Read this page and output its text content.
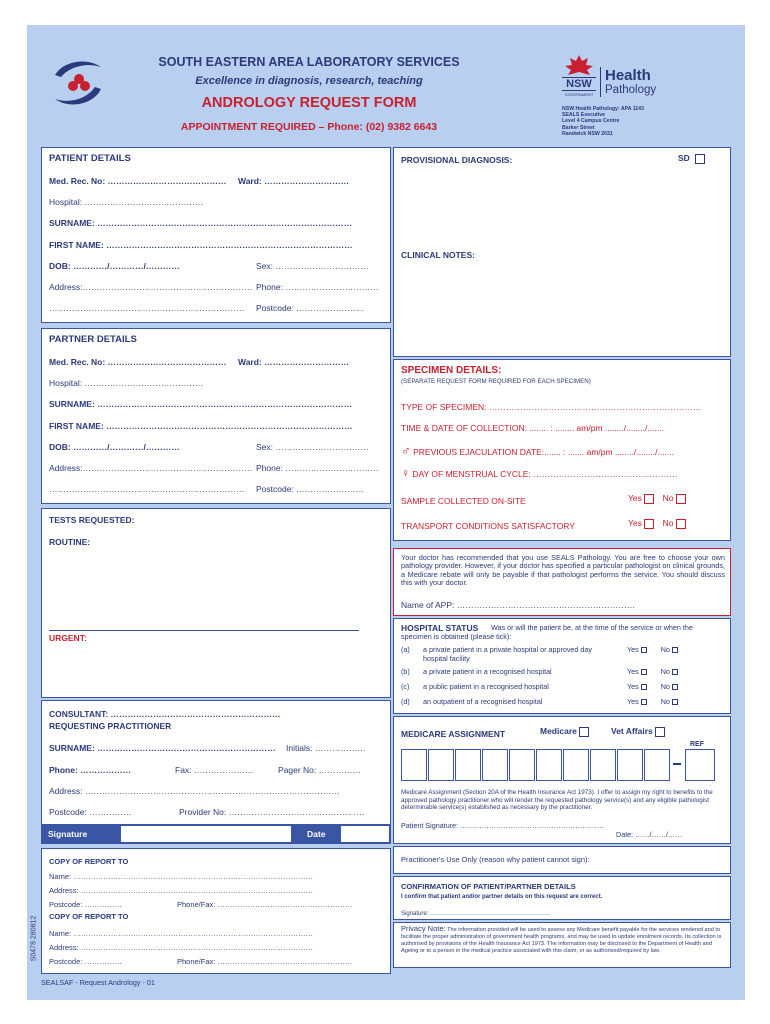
SOUTH EASTERN AREA LABORATORY SERVICES
Excellence in diagnosis, research, teaching
ANDROLOGY REQUEST FORM
APPOINTMENT REQUIRED – Phone: (02) 9382 6643
NSW
GOVERNMENT
Health
Pathology
NSW Health Pathology: APA 1143
SEALS Executive
Level 4 Campus Centre
Barker Street
Randwick NSW 2031
PATIENT DETAILS
Med. Rec. No: …………………………………… Ward: …………………………
Hospital: ……………………………………
SURNAME: ………………………………………………………………………………
FIRST NAME: ……………………………………………………………………………
DOB: …………/…………/…………	Sex: ……………………………
Address:…………………………………………………… Phone: ……………………………
…………………………………………………………… Postcode: ……………………
PROVISIONAL DIAGNOSIS:	SD
CLINICAL NOTES:
PARTNER DETAILS
Med. Rec. No: …………………………………… Ward: …………………………
Hospital: ……………………………………
SURNAME: ………………………………………………………………………………
FIRST NAME: ……………………………………………………………………………
DOB: …………/…………/…………	Sex: ……………………………
Address:…………………………………………………… Phone: ……………………………
…………………………………………………………… Postcode: ……………………
SPECIMEN DETAILS:
(SEPARATE REQUEST FORM REQUIRED FOR EACH SPECIMEN)
TYPE OF SPECIMEN: …………………………………………………………………
TIME & DATE OF COLLECTION: ........ : ........ am/pm ......../......../.......
♂ PREVIOUS EJACULATION DATE:....... : ....... am/pm ......../......../.......
♀ DAY OF MENSTRUAL CYCLE: ……………………………………………
SAMPLE COLLECTED ON-SITE	Yes No
TRANSPORT CONDITIONS SATISFACTORY	Yes No
TESTS REQUESTED:
ROUTINE:
URGENT:
Your doctor has recommended that you use SEALS Pathology. You are free to choose your own pathology provider. However, if your doctor has specified a particular pathologist on clinical grounds, a Medicare rebate will only be payable if that pathologist performs the service. You should discuss this with your doctor.
Name of APP: ………………………………………………………
HOSPITAL STATUS	Was or will the patient be, at the time of the service or when the specimen is obtained (please tick):
(a) a private patient in a private hospital or approved day hospital facility
Yes	No
(b) a private patient in a recognised hospital	Yes	No
(c) a public patient in a recognised hospital	Yes	No
(d) an outpatient of a recognised hospital	Yes	No
CONSULTANT: ……………………………………………………
REQUESTING PRACTITIONER
SURNAME: ……………………………………………………… Initials: ………………
Phone: ………………	Fax: …………………	Pager No: ……………
Address: ………………………………………………………………………………
Postcode: ……………	Provider No: …………………………………………
Signature	Date
MEDICARE ASSIGNMENT	Medicare	Vet Affairs
REF
Medicare Assignment (Section 20A of the Health Insurance Act 1973). I offer to assign my right to benefits to the approved pathology practitioner who will render the requested pathology service(s) and any eligible pathologist determinable service(s) established as necessary by the practitioner.
Patient Signature: ……………………………………………………
Date: ……/……/……
COPY OF REPORT TO
Name: ……………………………………………………………………………………
Address: …………………………………………………………………………………
Postcode: ……………	Phone/Fax: ………………………………………………
COPY OF REPORT TO
Name: ……………………………………………………………………………………
Address: …………………………………………………………………………………
Postcode: ……………	Phone/Fax: ………………………………………………
S0478 280812
Practitioner's Use Only (reason why patient cannot sign):
CONFIRMATION OF PATIENT/PARTNER DETAILS
I confirm that patient and/or partner details on this request are correct.
Signature: ……………………………………………………
Privacy Note: The information provided will be used to assess any Medicare benefit payable for the services rendered and to facilitate the proper administration of government health programs, and may be used to update enrolment records. Its collection is authorised by provisions of the Health Insurance Act 1973. The information may be disclosed to the Department of Health and Ageing or to a person in the medical practice associated with this claim, or as authorised/required by law.
SEALSAF - Request Andrology - 01
